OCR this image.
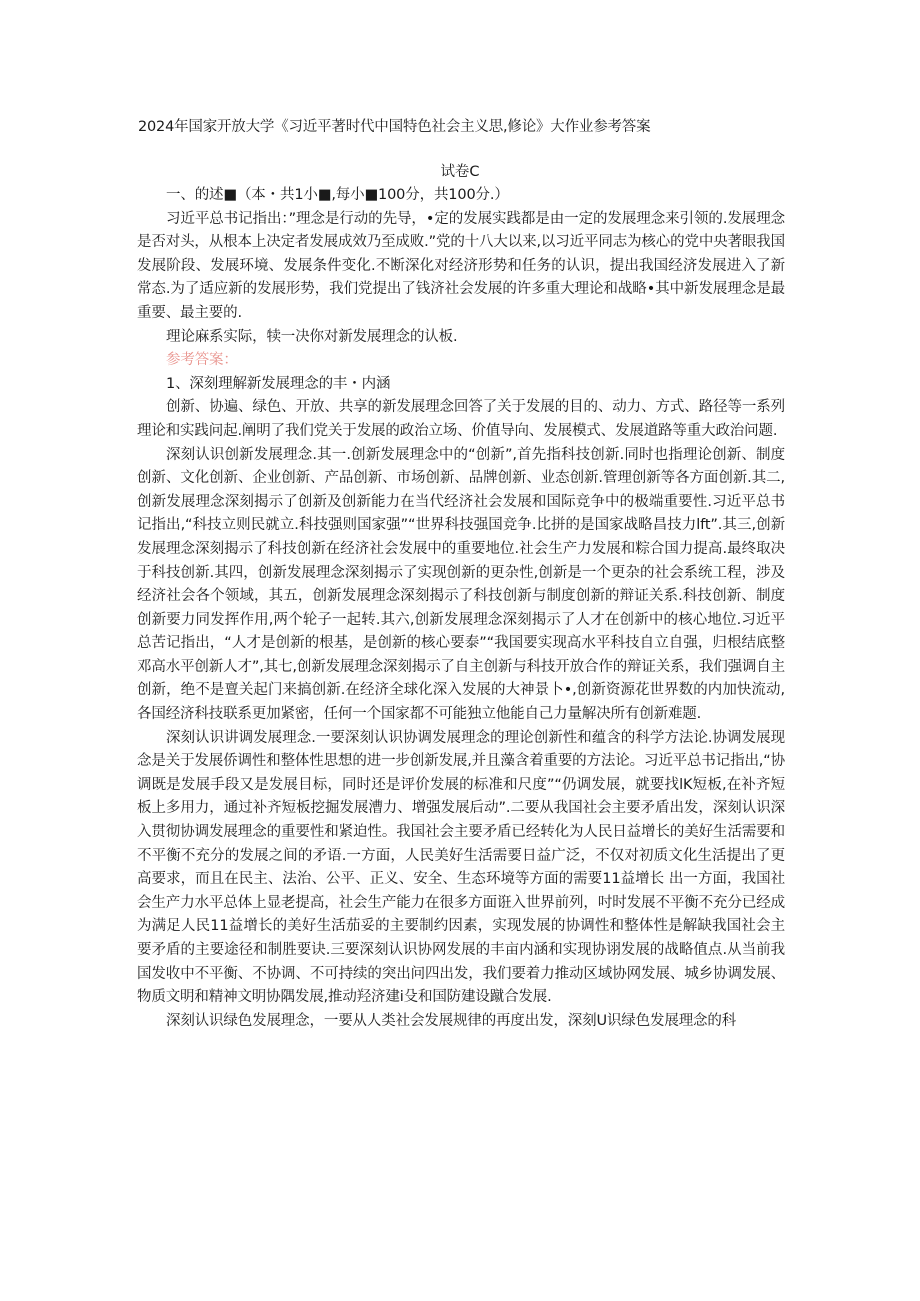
2024年国家开放大学《习近平著时代中国特色社会主义思,修论》大作业参考答案
试卷C

一、的述■（本・共1小■,每小■100分，共100分.）

习近平总书记指出：”理念是行动的先导，•定的发展实践都是由一定的发展理念来引领的.发展理念是否对头，从根本上决定者发展成效乃至成败.”党的十八大以来,以习近平同志为核心的党中央著眼我国发展阶段、发展环境、发展条件变化.不断深化对经济形势和任务的认识，提出我国经济发展进入了新常态.为了适应新的发展形势，我们党提出了钱济社会发展的许多重大理论和战略•其中新发展理念是最重要、最主要的.

理论麻系实际，犊一决你对新发展理念的认板.

参考答案：

1、深刻理解新发展理念的丰・内涵

创新、协遍、绿色、开放、共享的新发展理念回答了关于发展的目的、动力、方式、路径等一系列理论和实践问起.阐明了我们党关于发展的政治立场、价值导向、发展模式、发展道路等重大政治问题.

深刻认识创新发展理念.其一.创新发展理念中的“创新”,首先指科技创新.同时也指理论创新、制度创新、文化创新、企业创新、产品创新、市场创新、品牌创新、业态创新.管理创新等各方面创新.其二,创新发展理念深刻揭示了创新及创新能力在当代经济社会发展和国际竞争中的极端重要性.习近平总书记指出,“科技立则民就立.科技强则国家强”“世界科技强国竞争.比拼的是国家战略昌技力lft”.其三,创新发展理念深刻揭示了科技创新在经济社会发展中的重要地位.社会生产力发展和粽合国力提高.最终取决于科技创新.其四，创新发展理念深刻揭示了实现创新的更杂性,创新是一个更杂的社会系统工程，涉及经济社会各个领域，其五，创新发展理念深刻揭示了科技创新与制度创新的辩证关系.科技创新、制度创新要力同发挥作用,两个轮子一起转.其六,创新发展理念深刻揭示了人才在创新中的核心地位.习近平总苦记指出，“人才是创新的根基，是创新的核心要泰”“我国要实现高水平科技自立自强，归根结底整邓高水平创新人才”,其七,创新发展理念深刻揭示了自主创新与科技开放合作的辩证关系，我们强调自主创新，绝不是亶关起门来搞创新.在经济全球化深入发展的大神景卜•,创新资源花世界数的内加快流动,各国经济科技联系更加紧密，任何一个国家都不可能独立他能自己力量解决所有创新难题.

深刻认识讲调发展理念.一要深刻认识协调发展理念的理论创新性和蕴含的科学方法论.协调发展现念是关于发展侨调性和整体性思想的进一步创新发展,并且藻含着重要的方法论。习近平总书记指出,“协调既是发展手段又是发展目标，同时还是评价发展的标准和尺度”“仍调发展，就要找lK短板,在补齐短板上多用力，通过补齐短板挖掘发展漕力、增强发展后动”.二要从我国社会主要矛盾出发，深刻认识深入贯彻协调发展理念的重要性和紧迫性。我国社会主要矛盾已经转化为人民日益增长的美好生活需要和不平衡不充分的发展之间的矛语.一方面，人民美好生活需要日益广泛，不仅对初质文化生活提出了更高要求，而且在民主、法治、公平、正义、安全、生态环境等方面的需要11益增长 出一方面，我国社会生产力水平总体上显老提高，社会生产能力在很多方面诳入世界前列，吋时发展不平衡不充分已经成为满足人民11益增长的美好生活茄妥的主要制约因素，实现发展的协调性和整体性是解缺我国社会主要矛盾的主要途径和制胜要诀.三要深刻认识协网发展的丰亩内涵和实现协诩发展的战略值点.从当前我国发收中不平衡、不协调、不可持续的突出问四出发，我们要着力推动区域协网发展、城乡协调发展、物质文明和精神文明协隅发展,推动羟济建i殳和国防建设蹴合发展.

深刻认识绿色发展理念，一要从人类社会发展规律的再度出发，深刻U识绿色发展理念的科
